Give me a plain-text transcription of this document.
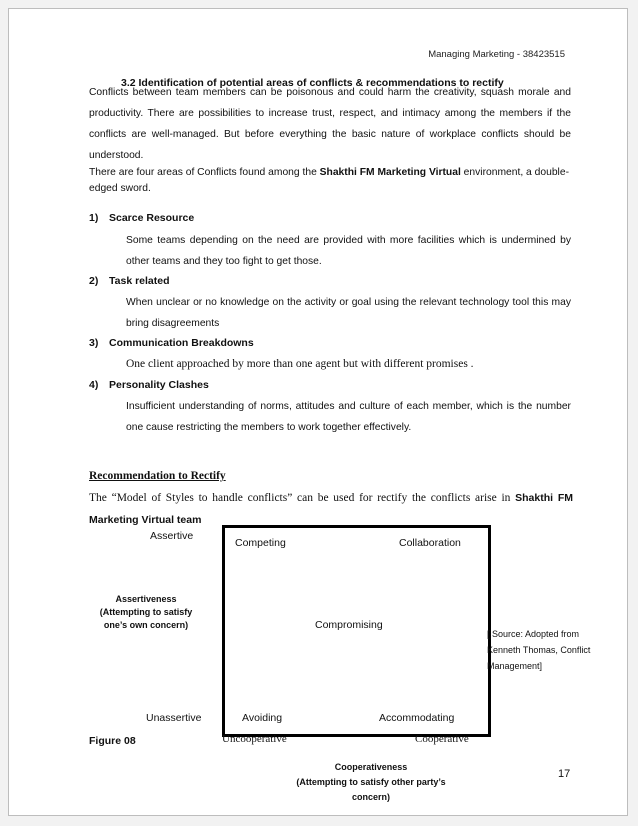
Managing Marketing - 38423515
3.2 Identification of potential areas of conflicts & recommendations to rectify
Conflicts between team members can be poisonous and could harm the creativity, squash morale and productivity. There are possibilities to increase trust, respect, and intimacy among the members if the conflicts are well-managed. But before everything the basic nature of workplace conflicts should be understood.
There are four areas of Conflicts found among the Shakthi FM Marketing Virtual environment, a double-edged sword.
1) Scarce Resource
Some teams depending on the need are provided with more facilities which is undermined by other teams and they too fight to get those.
2) Task related
When unclear or no knowledge on the activity or goal using the relevant technology tool this may bring disagreements
3) Communication Breakdowns
One client approached by more than one agent but with different promises .
4) Personality Clashes
Insufficient understanding of norms, attitudes and culture of each member, which is the number one cause restricting the members to work together effectively.
Recommendation to Rectify
The “Model of Styles to handle conflicts” can be used for rectify the conflicts arise in Shakthi FM Marketing Virtual team
Assertive
Unassertive
Competing	Collaboration
Compromising
Avoiding	Accommodating
Uncooperative	Cooperative
Assertiveness
(Attempting to satisfy
one’s own concern)
[ Source: Adopted from
Kenneth Thomas, Conflict
Management]
Figure 08
Cooperativeness
(Attempting to satisfy other party’s
concern)
17
